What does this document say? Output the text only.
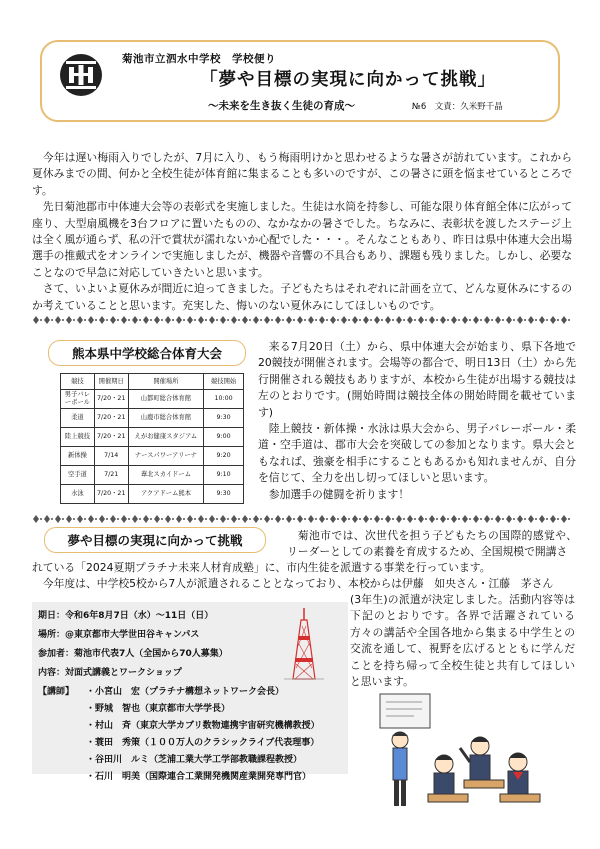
菊池市立泗水中学校　学校便り
「夢や目標の実現に向かって挑戦」
～未来を生き抜く生徒の育成～	№6　文責：久米野千晶

今年は遅い梅雨入りでしたが、7月に入り、もう梅雨明けかと思わせるような暑さが訪れています。これから夏休みまでの間、何かと全校生徒が体育館に集まることも多いのですが、この暑さに頭を悩ませているところです。

先日菊池郡市中体連大会等の表彰式を実施しました。生徒は水筒を持参し、可能な限り体育館全体に広がって座り、大型扇風機を3台フロアに置いたものの、なかなかの暑さでした。ちなみに、表彰状を渡したステージ上は全く風が通らず、私の汗で賞状が濡れないか心配でした・・・。そんなこともあり、昨日は県中体連大会出場選手の推戴式をオンラインで実施しましたが、機器や音響の不具合もあり、課題も残りました。しかし、必要なことなので早急に対応していきたいと思います。

さて、いよいよ夏休みが間近に迫ってきました。子どもたちはそれぞれに計画を立て、どんな夏休みにするのか考えていることと思います。充実した、悔いのない夏休みにしてほしいものです。

熊本県中学校総合体育大会
競技	開催期日	開催場所	競技開始
男子バレーボール	7/20・21	山都町総合体育館	10:00
柔道	7/20・21	山鹿市総合体育館	9:30
陸上競技	7/20・21	えがお健康スタジアム	9:00
新体操	7/14	ナースパワーアリーナ	9:20
空手道	7/21	葦北スカイドーム	9:10
水泳	7/20・21	アクアドーム熊本	9:30

来る7月20日（土）から、県中体連大会が始まり、県下各地で20競技が開催されます。会場等の都合で、明日13日（土）から先行開催される競技もありますが、本校から生徒が出場する競技は左のとおりです。(開始時間は競技全体の開始時間を載せています)

陸上競技・新体操・水泳は県大会から、男子バレーボール・柔道・空手道は、郡市大会を突破しての参加となります。県大会ともなれば、強豪を相手にすることもあるかも知れませんが、自分を信じて、全力を出し切ってほしいと思います。

参加選手の健闘を祈ります！

夢や目標の実現に向かって挑戦	菊池市では、次世代を担う子どもたちの国際的感覚や、リーダーとしての素養を育成するため、全国規模で開講さ
れている「2024夏期プラチナ未来人材育成塾」に、市内生徒を派遣する事業を行っています。
今年度は、中学校5校から7人が派遣されることとなっており、本校からは伊藤　如央さん・江藤　茅さん
(3年生)の派遣が決定しました。活動内容等は下記のとおりです。各界で活躍されている方々の講話や全国各地から集まる中学生との交流を通して、視野を広げるとともに学んだことを持ち帰って全校生徒と共有してほしいと思います。
期日：令和6年8月7日（水）～11日（日）
場所：@東京都市大学世田谷キャンパス
参加者：菊池市代表7人（全国から70人募集）
内容：対面式講義とワークショップ
【講師】 ・小宮山　宏（プラチナ構想ネットワーク会長）
・野城　智也（東京都市大学学長）
・村山　斉（東京大学カブリ数物連携宇宙研究機構教授）
・蓑田　秀策（１００万人のクラシックライブ代表理事）
・谷田川　ルミ（芝浦工業大学工学部教職課程教授）
・石川　明美（国際連合工業開発機関産業開発専門官）
